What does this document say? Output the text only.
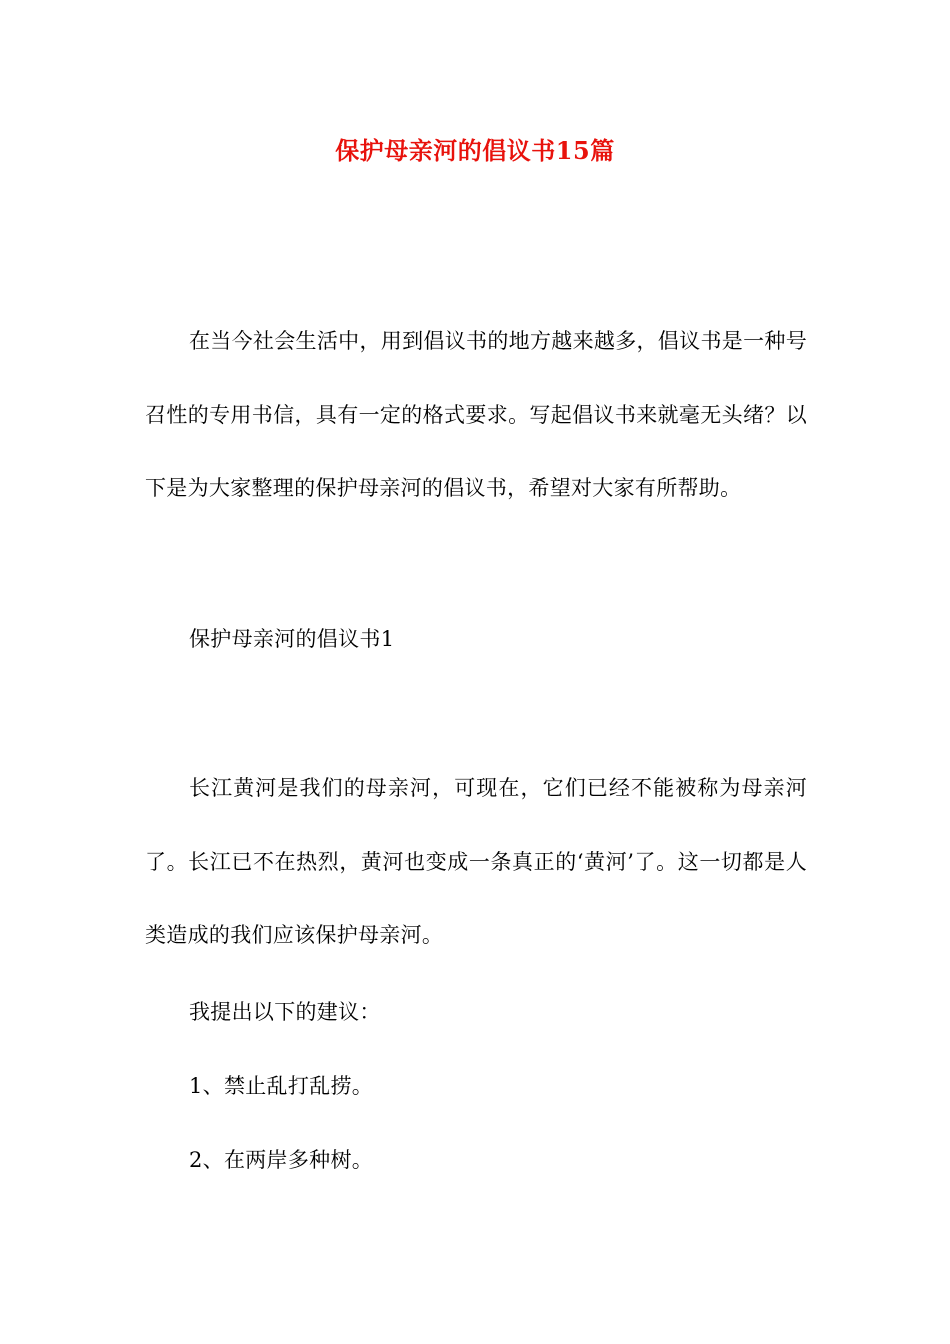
保护母亲河的倡议书15篇
在当今社会生活中，用到倡议书的地方越来越多，倡议书是一种号召性的专用书信，具有一定的格式要求。写起倡议书来就毫无头绪？以下是为大家整理的保护母亲河的倡议书，希望对大家有所帮助。
保护母亲河的倡议书1
长江黄河是我们的母亲河，可现在，它们已经不能被称为母亲河了。长江已不在热烈，黄河也变成一条真正的‘黄河’了。这一切都是人类造成的我们应该保护母亲河。
我提出以下的建议：
1、禁止乱打乱捞。
2、在两岸多种树。
